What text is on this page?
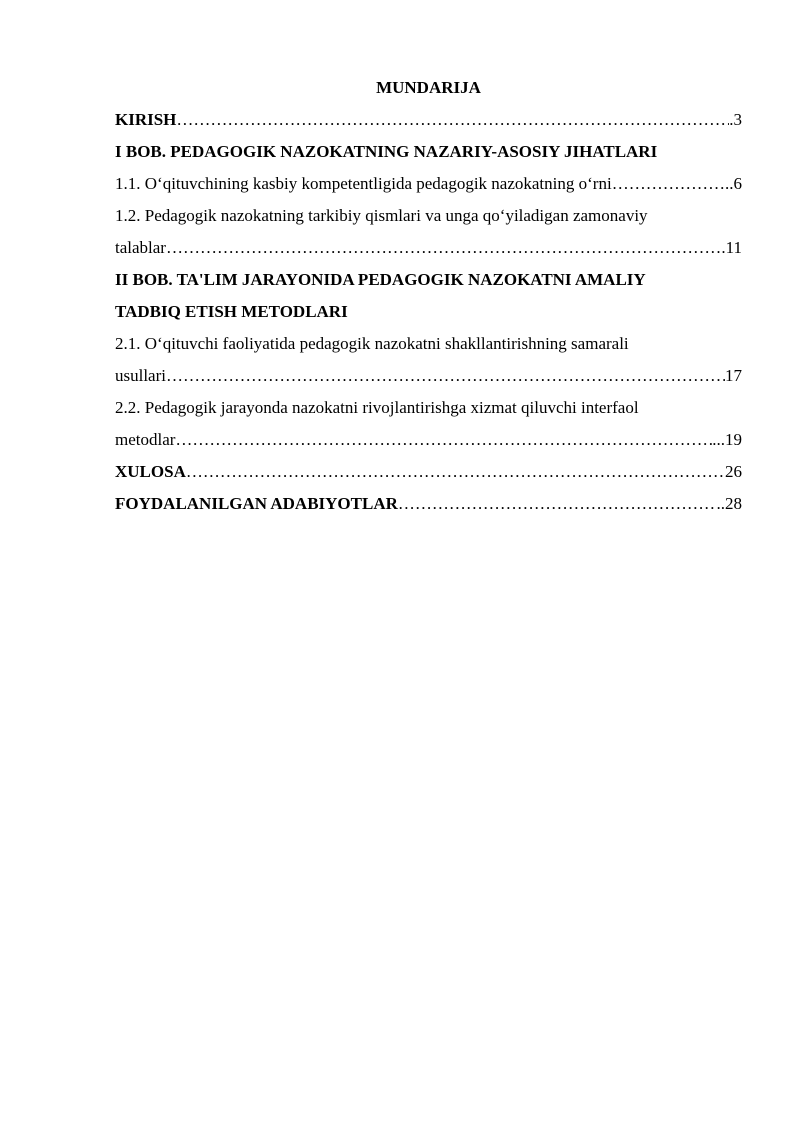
MUNDARIJA
KIRISH ……………………………………………………………………………………………………………………………………………………………………	. 3
I BOB. PEDAGOGIK NAZOKATNING NAZARIY-ASOSIY JIHATLARI
1.1. O‘qituvchining kasbiy kompetentligida pedagogik nazokatning o‘rni ……………………………………………………………………………………………………………………………………………………………………	.. 6
1.2. Pedagogik nazokatning tarkibiy qismlari va unga qo‘yiladigan zamonaviy
talablar ……………………………………………………………………………………………………………………………………………………………………	. 11
II BOB. TA'LIM JARAYONIDA PEDAGOGIK NAZOKATNI AMALIY
TADBIQ ETISH METODLARI
2.1. O‘qituvchi faoliyatida pedagogik nazokatni shakllantirishning samarali
usullari ……………………………………………………………………………………………………………………………………………………………………	17
2.2. Pedagogik jarayonda nazokatni rivojlantirishga xizmat qiluvchi interfaol
metodlar ……………………………………………………………………………………………………………………………………………………………………	... 19
XULOSA ……………………………………………………………………………………………………………………………………………………………………	26
FOYDALANILGAN ADABIYOTLAR ……………………………………………………………………………………………………………………………………………………………………	.. 28
